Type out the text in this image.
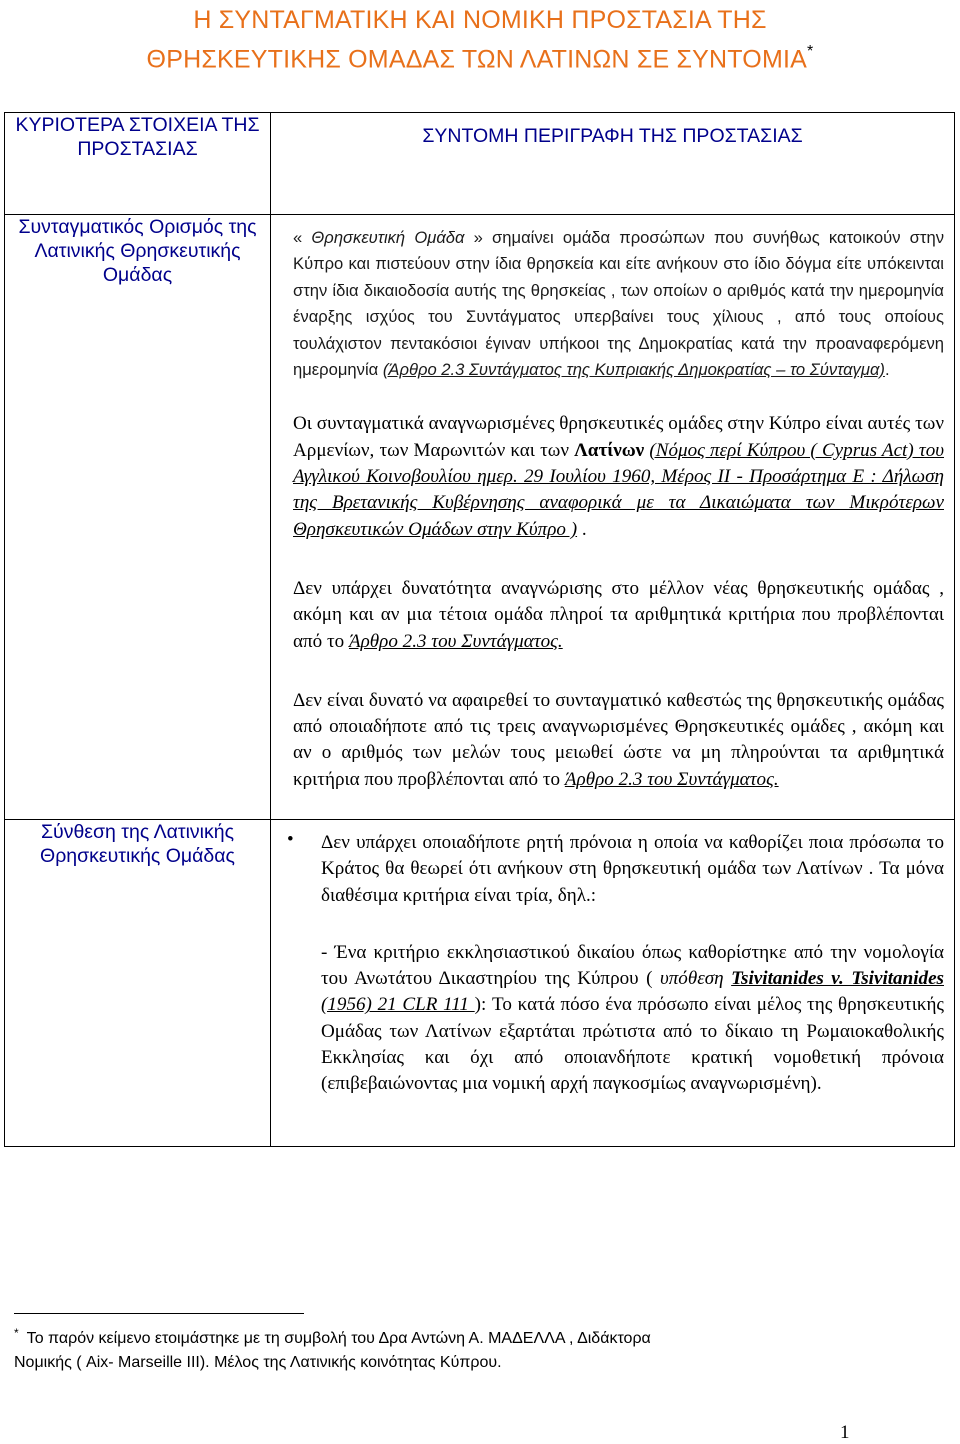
Η ΣΥΝΤΑΓΜΑΤΙΚΗ ΚΑΙ ΝΟΜΙΚΗ ΠΡΟΣΤΑΣΙΑ ΤΗΣ
ΘΡΗΣΚΕΥΤΙΚΗΣ ΟΜΑΔΑΣ ΤΩΝ ΛΑΤΙΝΩΝ ΣΕ ΣΥΝΤΟΜΙΑ*
ΚΥΡΙΟΤΕΡΑ ΣΤΟΙΧΕΙΑ ΤΗΣ ΠΡΟΣΤΑΣΙΑΣ	ΣΥΝΤΟΜΗ ΠΕΡΙΓΡΑΦΗ ΤΗΣ ΠΡΟΣΤΑΣΙΑΣ
Συνταγματικός Ορισμός της Λατινικής Θρησκευτικής Ομάδας	« Θρησκευτική Ομάδα » σημαίνει ομάδα προσώπων που συνήθως κατοικούν στην Κύπρο και πιστεύουν στην ίδια θρησκεία και είτε ανήκουν στο ίδιο δόγμα είτε υπόκεινται στην ίδια δικαιοδοσία αυτής της θρησκείας , των οποίων ο αριθμός κατά την ημερομηνία έναρξης ισχύος του Συντάγματος υπερβαίνει τους χίλιους , από τους οποίους τουλάχιστον πεντακόσιοι έγιναν υπήκοοι της Δημοκρατίας κατά την προαναφερόμενη ημερομηνία (Άρθρο 2.3 Συντάγματος της Κυπριακής Δημοκρατίας – το Σύνταγμα).

Οι συνταγματικά αναγνωρισμένες θρησκευτικές ομάδες στην Κύπρο είναι αυτές των Αρμενίων, των Μαρωνιτών και των Λατίνων (Νόμος περί Κύπρου ( Cyprus Act) του Αγγλικού Κοινοβουλίου ημερ. 29 Ιουλίου 1960, Μέρος ΙΙ - Προσάρτημα Ε : Δήλωση της Βρετανικής Κυβέρνησης αναφορικά με τα Δικαιώματα των Μικρότερων Θρησκευτικών Ομάδων στην Κύπρο ) .

Δεν υπάρχει δυνατότητα αναγνώρισης στο μέλλον νέας θρησκευτικής ομάδας , ακόμη και αν μια τέτοια ομάδα πληροί τα αριθμητικά κριτήρια που προβλέπονται από το Άρθρο 2.3 του Συντάγματος.

Δεν είναι δυνατό να αφαιρεθεί το συνταγματικό καθεστώς της θρησκευτικής ομάδας από οποιαδήποτε από τις τρεις αναγνωρισμένες Θρησκευτικές ομάδες , ακόμη και αν ο αριθμός των μελών τους μειωθεί ώστε να μη πληρούνται τα αριθμητικά κριτήρια που προβλέπονται από το Άρθρο 2.3 του Συντάγματος.

Σύνθεση της Λατινικής Θρησκευτικής Ομάδας	• Δεν υπάρχει οποιαδήποτε ρητή πρόνοια η οποία να καθορίζει ποια πρόσωπα το Κράτος θα θεωρεί ότι ανήκουν στη θρησκευτική ομάδα των Λατίνων . Τα μόνα διαθέσιμα κριτήρια είναι τρία, δηλ.:

- Ένα κριτήριο εκκλησιαστικού δικαίου όπως καθορίστηκε από την νομολογία του Ανωτάτου Δικαστηρίου της Κύπρου ( υπόθεση Tsivitanides v. Tsivitanides (1956) 21 CLR 111 ): Το κατά πόσο ένα πρόσωπο είναι μέλος της θρησκευτικής Ομάδας των Λατίνων εξαρτάται πρώτιστα από το δίκαιο τη Ρωμαιοκαθολικής Εκκλησίας και όχι από οποιανδήποτε κρατική νομοθετική πρόνοια (επιβεβαιώνοντας μια νομική αρχή παγκοσμίως αναγνωρισμένη).

* Το παρόν κείμενο ετοιμάστηκε με τη συμβολή του Δρα Αντώνη Α. ΜΑΔΕΛΛΑ , Διδάκτορα
Νομικής ( Aix- Marseille III). Μέλος της Λατινικής κοινότητας Κύπρου.
1
